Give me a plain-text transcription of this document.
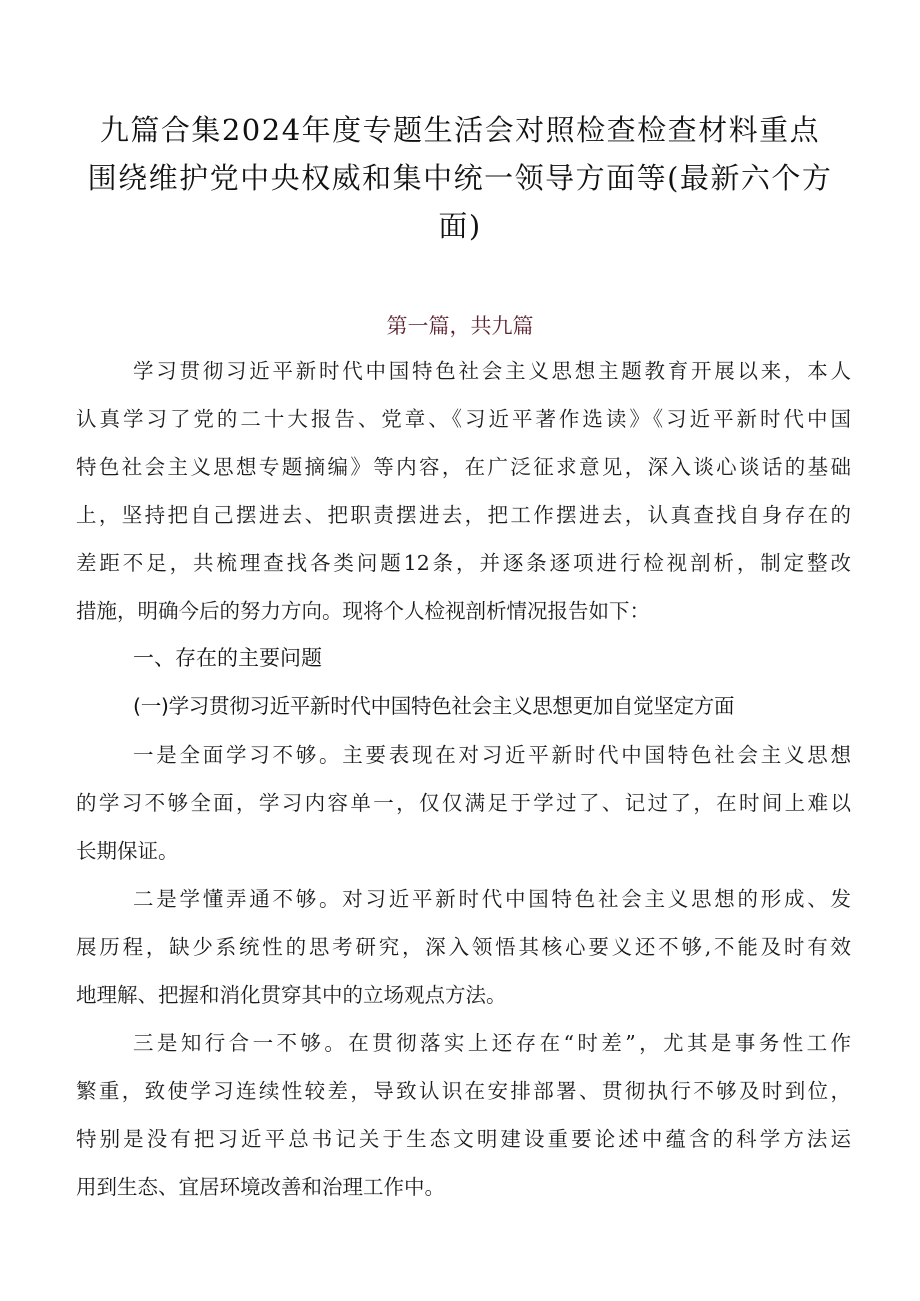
九篇合集2024年度专题生活会对照检查检查材料重点
围绕维护党中央权威和集中统一领导方面等(最新六个方
面)
第一篇，共九篇
学习贯彻习近平新时代中国特色社会主义思想主题教育开展以来，本人
认真学习了党的二十大报告、党章、《习近平著作选读》《习近平新时代中国
特色社会主义思想专题摘编》等内容，在广泛征求意见，深入谈心谈话的基础
上，坚持把自己摆进去、把职责摆进去，把工作摆进去，认真查找自身存在的
差距不足，共梳理查找各类问题12条，并逐条逐项进行检视剖析，制定整改
措施，明确今后的努力方向。现将个人检视剖析情况报告如下：
一、存在的主要问题
(一)学习贯彻习近平新时代中国特色社会主义思想更加自觉坚定方面
一是全面学习不够。主要表现在对习近平新时代中国特色社会主义思想
的学习不够全面，学习内容单一，仅仅满足于学过了、记过了，在时间上难以
长期保证。
二是学懂弄通不够。对习近平新时代中国特色社会主义思想的形成、发
展历程，缺少系统性的思考研究，深入领悟其核心要义还不够,不能及时有效
地理解、把握和消化贯穿其中的立场观点方法。
三是知行合一不够。在贯彻落实上还存在“时差”，尤其是事务性工作
繁重，致使学习连续性较差，导致认识在安排部署、贯彻执行不够及时到位，
特别是没有把习近平总书记关于生态文明建设重要论述中蕴含的科学方法运
用到生态、宜居环境改善和治理工作中。
